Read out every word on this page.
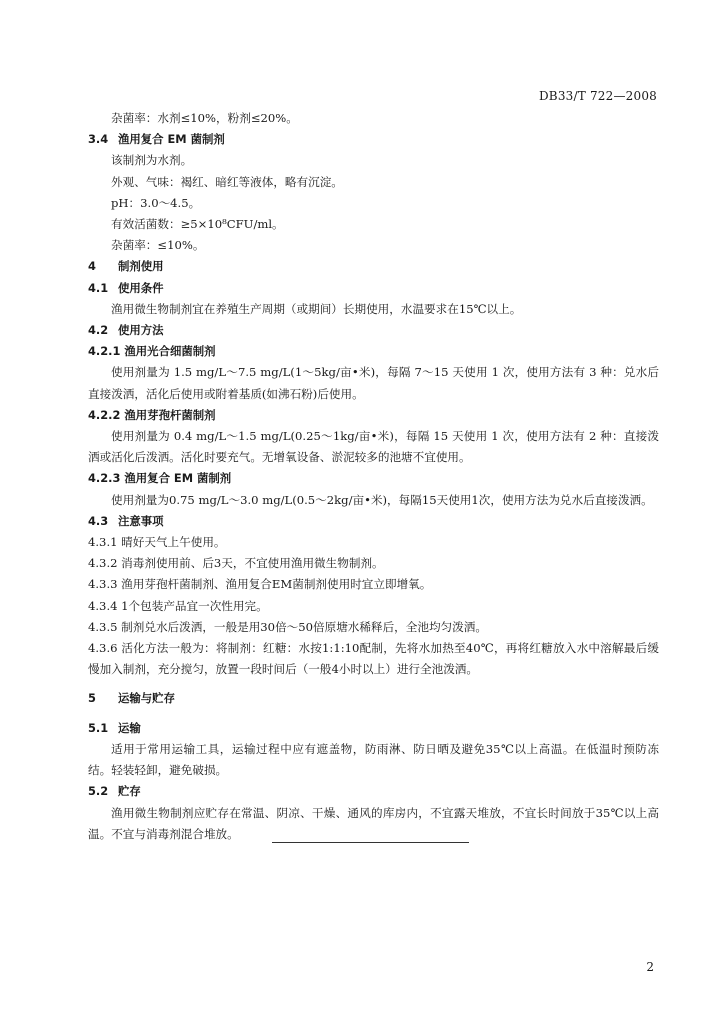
DB33/T 722—2008
杂菌率：水剂≤10%，粉剂≤20%。
3.4 渔用复合 EM 菌制剂
该制剂为水剂。
外观、气味：褐红、暗红等液体，略有沉淀。
pH：3.0～4.5。
有效活菌数：≥5×10⁸CFU/ml。
杂菌率：≤10%。
4 制剂使用
4.1 使用条件
渔用微生物制剂宜在养殖生产周期（或期间）长期使用，水温要求在15℃以上。
4.2 使用方法
4.2.1 渔用光合细菌制剂
使用剂量为 1.5 mg/L～7.5 mg/L(1～5kg/亩•米)，每隔 7～15 天使用 1 次，使用方法有 3 种：兑水后直接泼洒，活化后使用或附着基质(如沸石粉)后使用。
4.2.2 渔用芽孢杆菌制剂
使用剂量为 0.4 mg/L～1.5 mg/L(0.25～1kg/亩•米)，每隔 15 天使用 1 次，使用方法有 2 种：直接泼洒或活化后泼洒。活化时要充气。无增氧设备、淤泥较多的池塘不宜使用。
4.2.3 渔用复合 EM 菌制剂
使用剂量为0.75 mg/L～3.0 mg/L(0.5～2kg/亩•米)，每隔15天使用1次，使用方法为兑水后直接泼洒。
4.3 注意事项
4.3.1 晴好天气上午使用。
4.3.2 消毒剂使用前、后3天，不宜使用渔用微生物制剂。
4.3.3 渔用芽孢杆菌制剂、渔用复合EM菌制剂使用时宜立即增氧。
4.3.4 1个包装产品宜一次性用完。
4.3.5 制剂兑水后泼洒，一般是用30倍～50倍原塘水稀释后，全池均匀泼洒。
4.3.6 活化方法一般为：将制剂：红糖：水按1:1:10配制，先将水加热至40℃，再将红糖放入水中溶解最后缓慢加入制剂，充分搅匀，放置一段时间后（一般4小时以上）进行全池泼洒。
5 运输与贮存
5.1 运输
适用于常用运输工具，运输过程中应有遮盖物，防雨淋、防日晒及避免35℃以上高温。在低温时预防冻结。轻装轻卸，避免破损。
5.2 贮存
渔用微生物制剂应贮存在常温、阴凉、干燥、通风的库房内，不宜露天堆放，不宜长时间放于35℃以上高温。不宜与消毒剂混合堆放。
2
